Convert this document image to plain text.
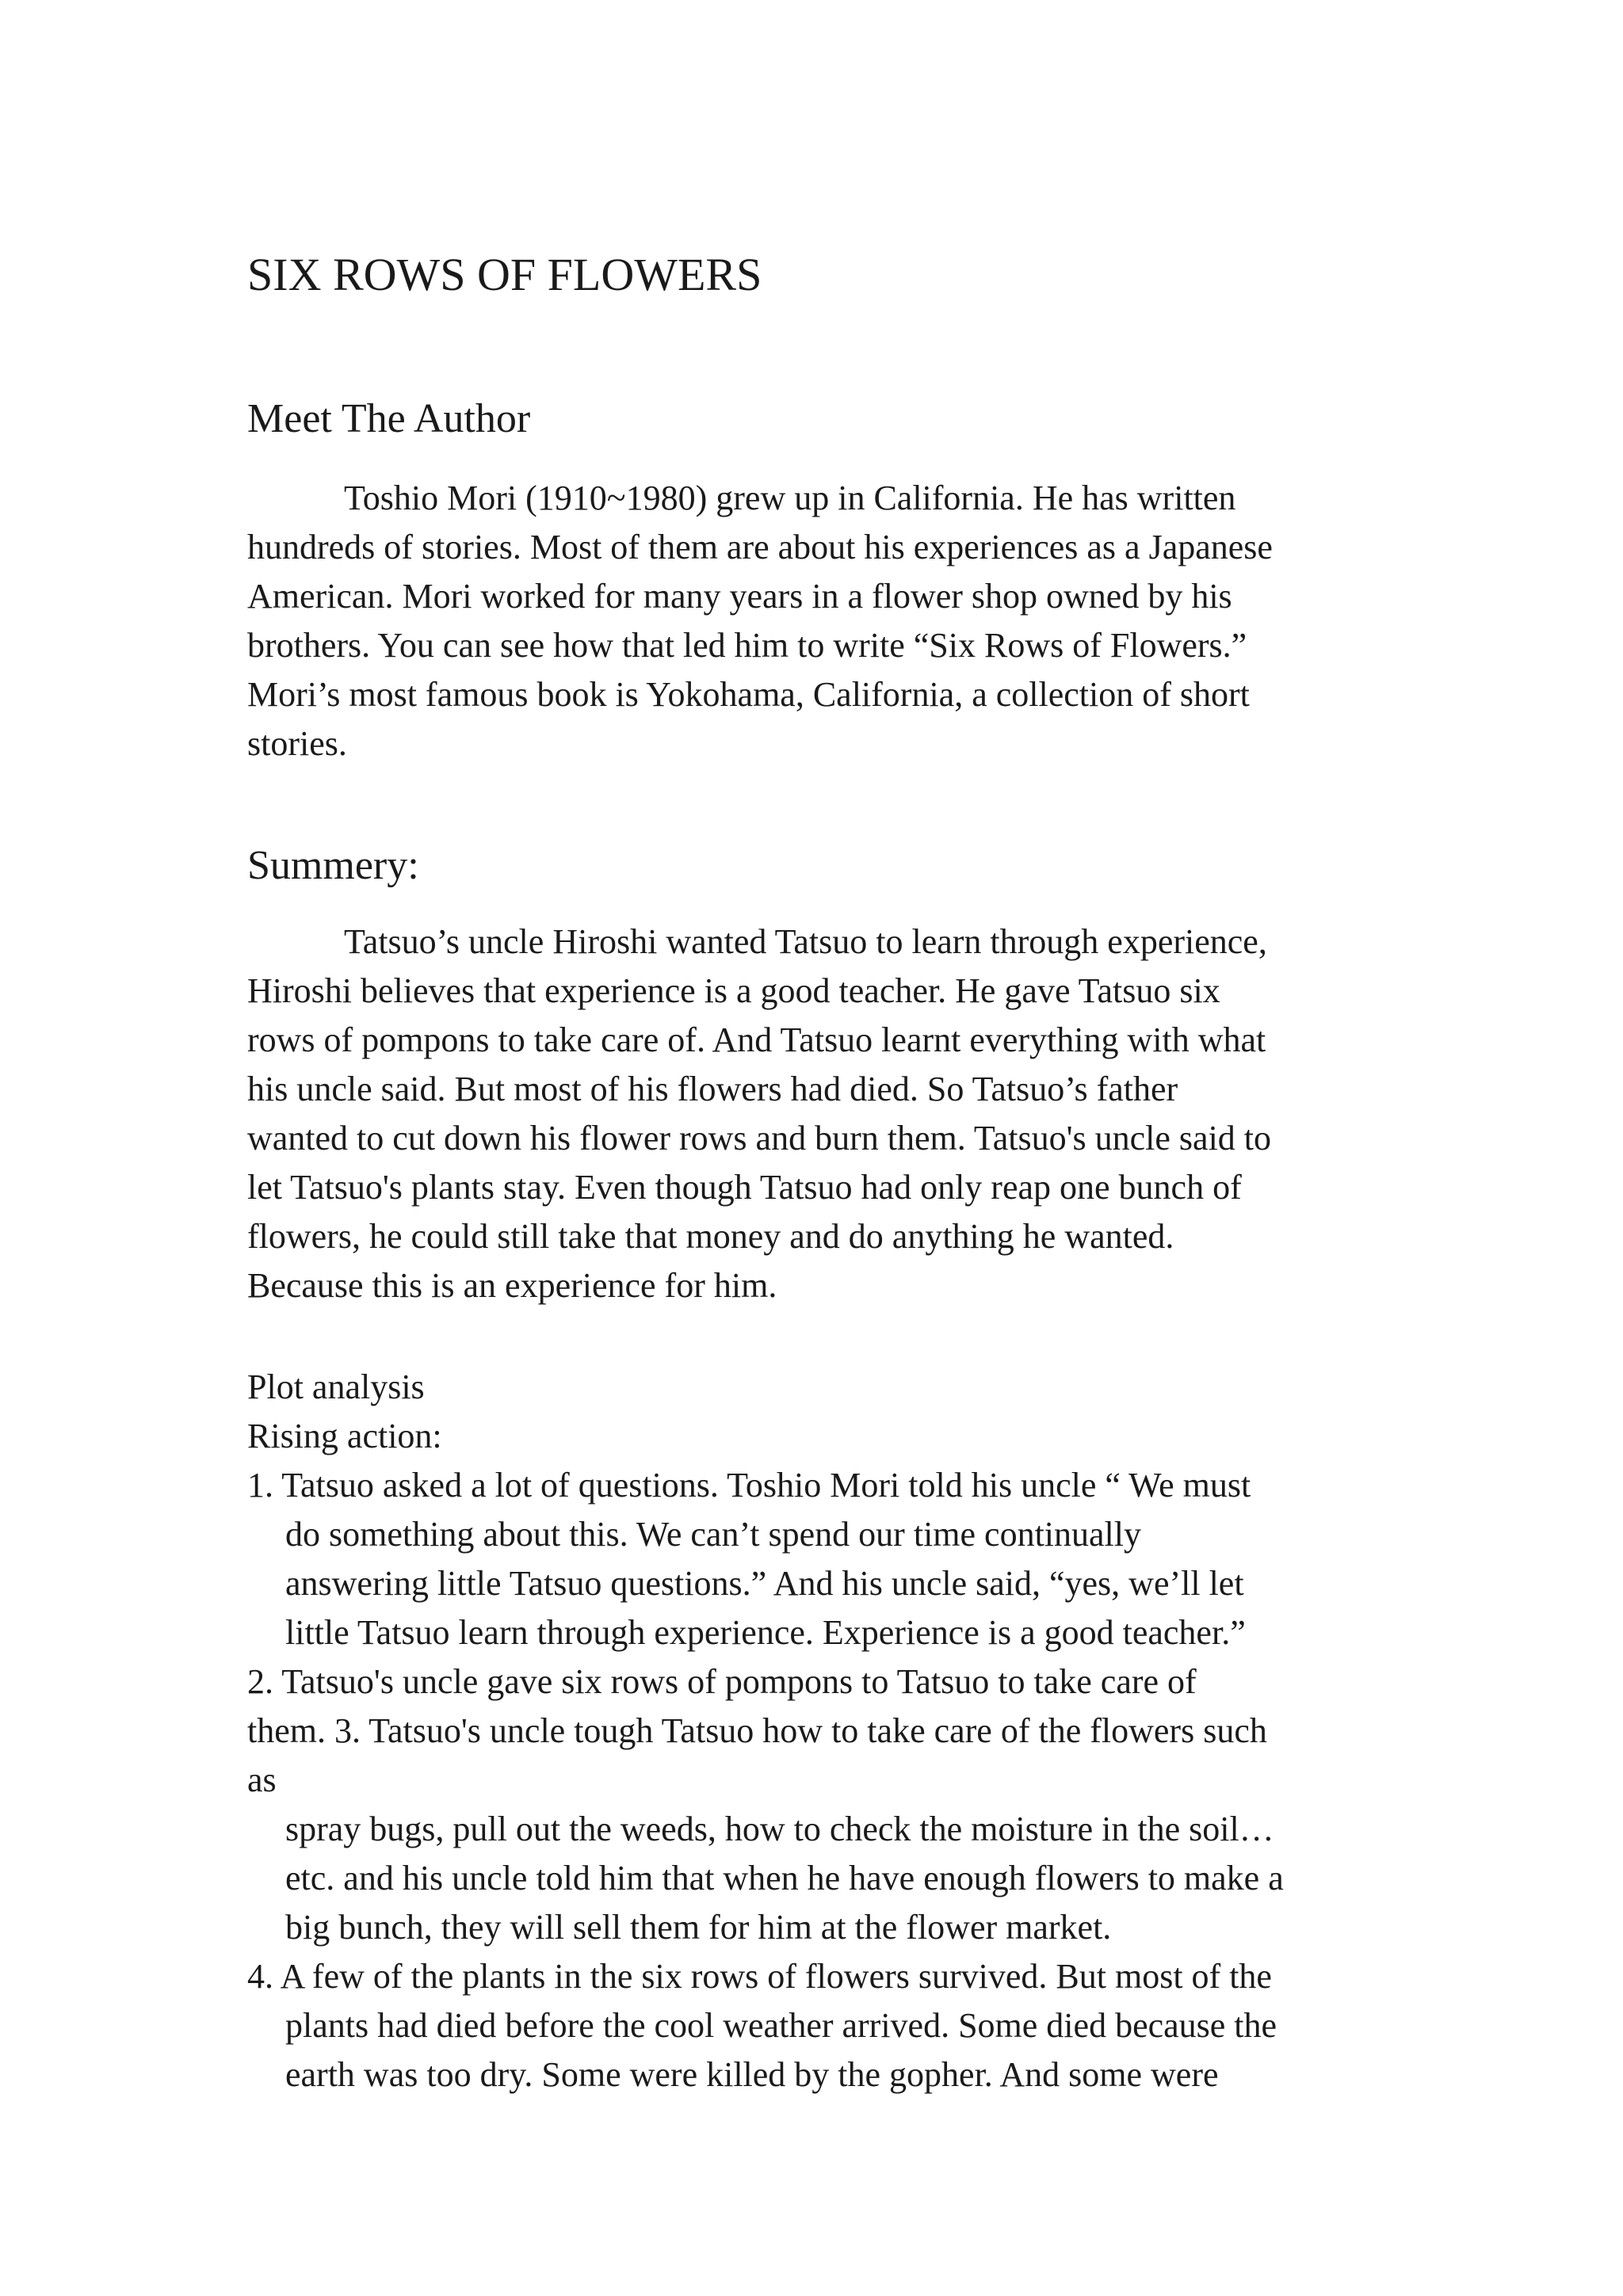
SIX ROWS OF FLOWERS
Meet The Author

Toshio Mori (1910~1980) grew up in California. He has written

hundreds of stories. Most of them are about his experiences as a Japanese

American. Mori worked for many years in a flower shop owned by his

brothers. You can see how that led him to write “Six Rows of Flowers.”

Mori’s most famous book is Yokohama, California, a collection of short

stories.

Summery:

Tatsuo’s uncle Hiroshi wanted Tatsuo to learn through experience,

Hiroshi believes that experience is a good teacher. He gave Tatsuo six

rows of pompons to take care of. And Tatsuo learnt everything with what

his uncle said. But most of his flowers had died. So Tatsuo’s father

wanted to cut down his flower rows and burn them. Tatsuo's uncle said to

let Tatsuo's plants stay. Even though Tatsuo had only reap one bunch of

flowers, he could still take that money and do anything he wanted.

Because this is an experience for him.

Plot analysis

Rising action:

1. Tatsuo asked a lot of questions. Toshio Mori told his uncle “ We must

do something about this. We can’t spend our time continually

answering little Tatsuo questions.” And his uncle said, “yes, we’ll let

little Tatsuo learn through experience. Experience is a good teacher.”

2. Tatsuo's uncle gave six rows of pompons to Tatsuo to take care of

them. 3. Tatsuo's uncle tough Tatsuo how to take care of the flowers such

as

spray bugs, pull out the weeds, how to check the moisture in the soil…

etc. and his uncle told him that when he have enough flowers to make a

big bunch, they will sell them for him at the flower market.

4. A few of the plants in the six rows of flowers survived. But most of the

plants had died before the cool weather arrived. Some died because the

earth was too dry. Some were killed by the gopher. And some were
